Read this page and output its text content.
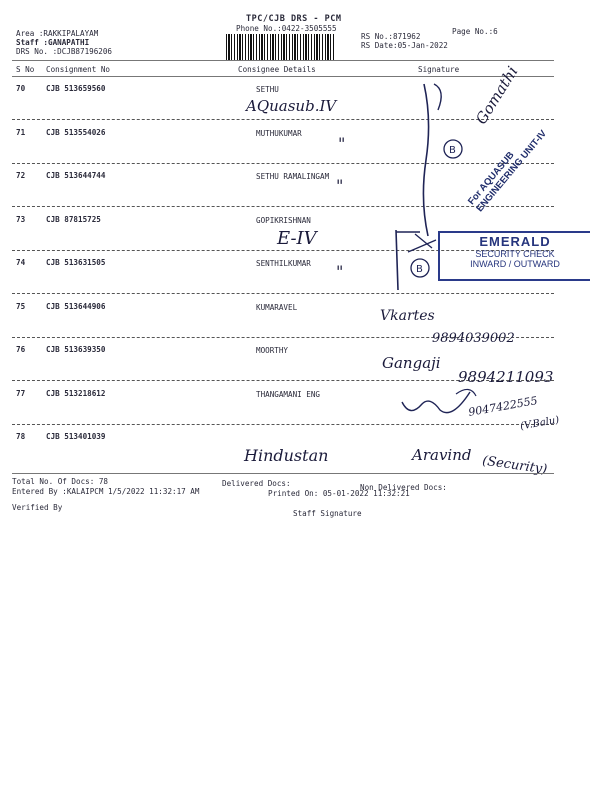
TPC/CJB DRS - PCM
Phone No.:0422-3505555	Page No.:6
Area :RAKKIPALAYAM
Staff :GANAPATHI
DRS No. :DCJB87196206
RS No.:871962
RS Date:05-Jan-2022
S No Consignment No	Consignee Details	Signature
70	CJB 513659560	SETHU
71	CJB 513554026	MUTHUKUMAR
72	CJB 513644744	SETHU RAMALINGAM
73	CJB 87815725	GOPIKRISHNAN
74	CJB 513631505	SENTHILKUMAR
75	CJB 513644906	KUMARAVEL
76	CJB 513639350	MOORTHY
77	CJB 513218612	THANGAMANI ENG
78	CJB 513401039
AQuasub.IV
"
"
E-IV
"
Vkartes
9894039002
Gangaji
9894211093
9047422555
(V.Balu)
Hindustan	Aravind (Security)
B
B
Gomathi
For AQUASUB ENGINEERING UNIT-IV
EMERALD
SECURITY CHECK
INWARD / OUTWARD
Total No. Of Docs: 78	Delivered Docs:	Non Delivered Docs:
Entered By :KALAIPCM 1/5/2022 11:32:17 AM	Printed On: 05-01-2022 11:32:21
Verified By
Staff Signature
